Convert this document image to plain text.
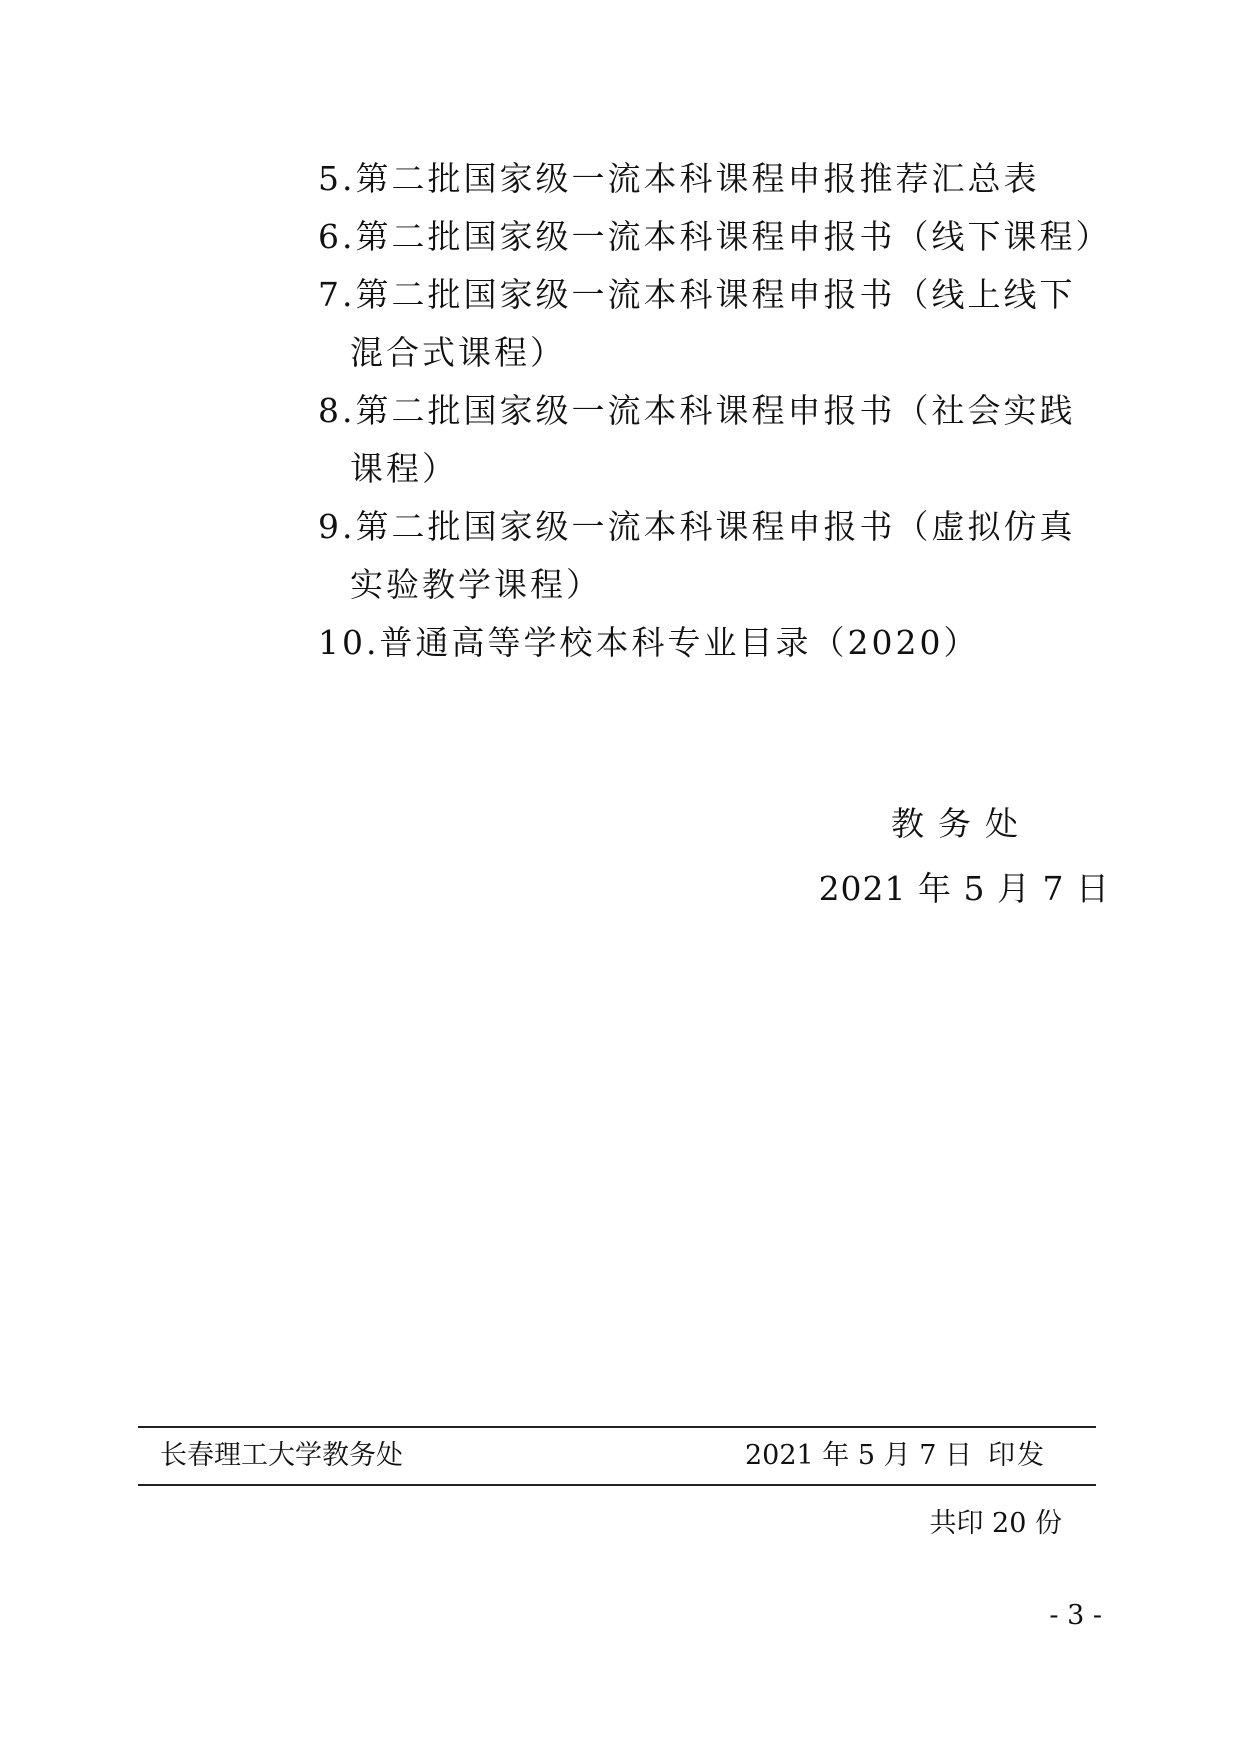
5.第二批国家级一流本科课程申报推荐汇总表
6.第二批国家级一流本科课程申报书（线下课程）
7.第二批国家级一流本科课程申报书（线上线下混合式课程）
8.第二批国家级一流本科课程申报书（社会实践课程）
9.第二批国家级一流本科课程申报书（虚拟仿真实验教学课程）
10.普通高等学校本科专业目录（2020）
教务处
2021 年 5 月 7 日
长春理工大学教务处	2021 年 5 月 7 日 印发
共印 20 份
- 3 -
